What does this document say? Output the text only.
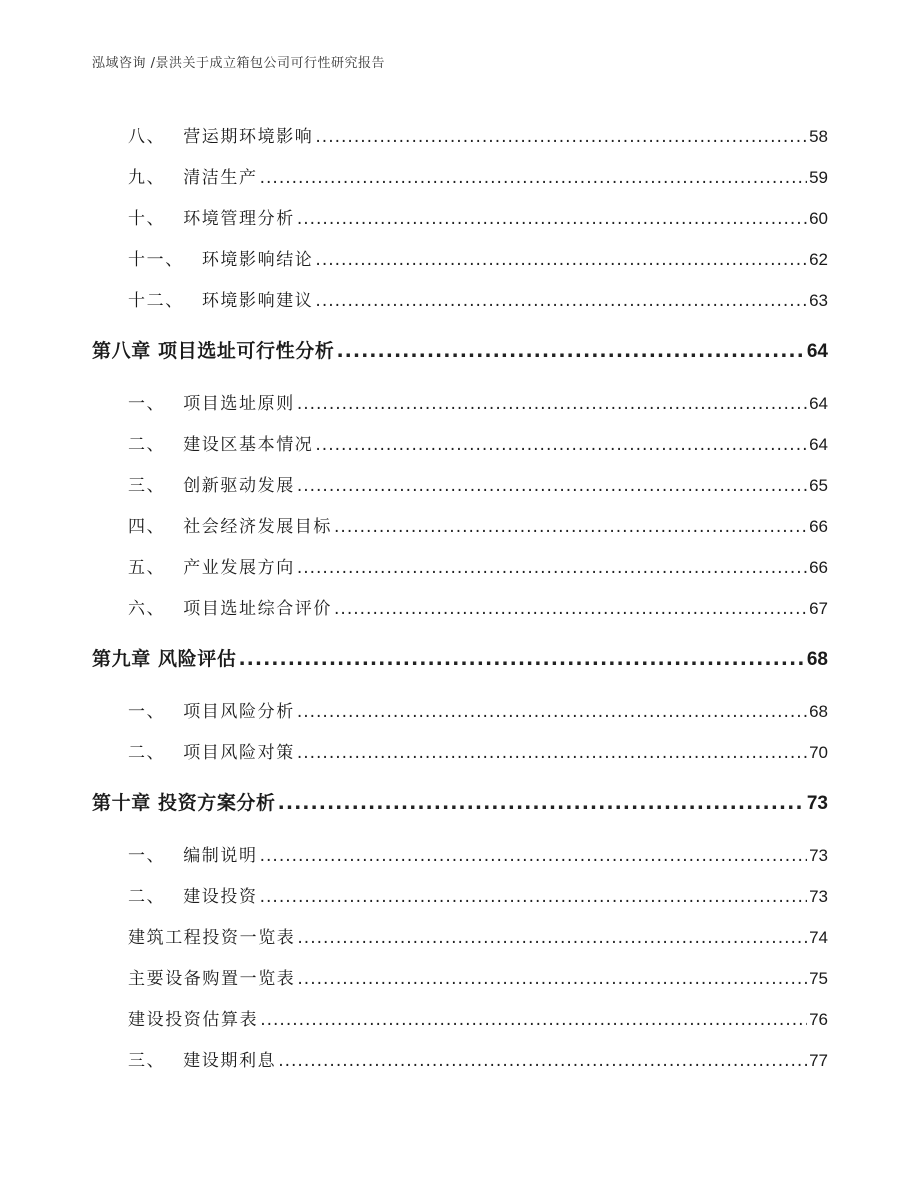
泓域咨询 /景洪关于成立箱包公司可行性研究报告
八、 营运期环境影响 .....	58
九、 清洁生产 .....	59
十、 环境管理分析 .....	60
十一、 环境影响结论 .....	62
十二、 环境影响建议 .....	63
第八章 项目选址可行性分析 .....	64
一、 项目选址原则 .....	64
二、 建设区基本情况 .....	64
三、 创新驱动发展 .....	65
四、 社会经济发展目标 .....	66
五、 产业发展方向 .....	66
六、 项目选址综合评价 .....	67
第九章 风险评估 .....	68
一、 项目风险分析 .....	68
二、 项目风险对策 .....	70
第十章 投资方案分析 .....	73
一、 编制说明 .....	73
二、 建设投资 .....	73
建筑工程投资一览表 .....	74
主要设备购置一览表 .....	75
建设投资估算表 .....	76
三、 建设期利息 .....	77
